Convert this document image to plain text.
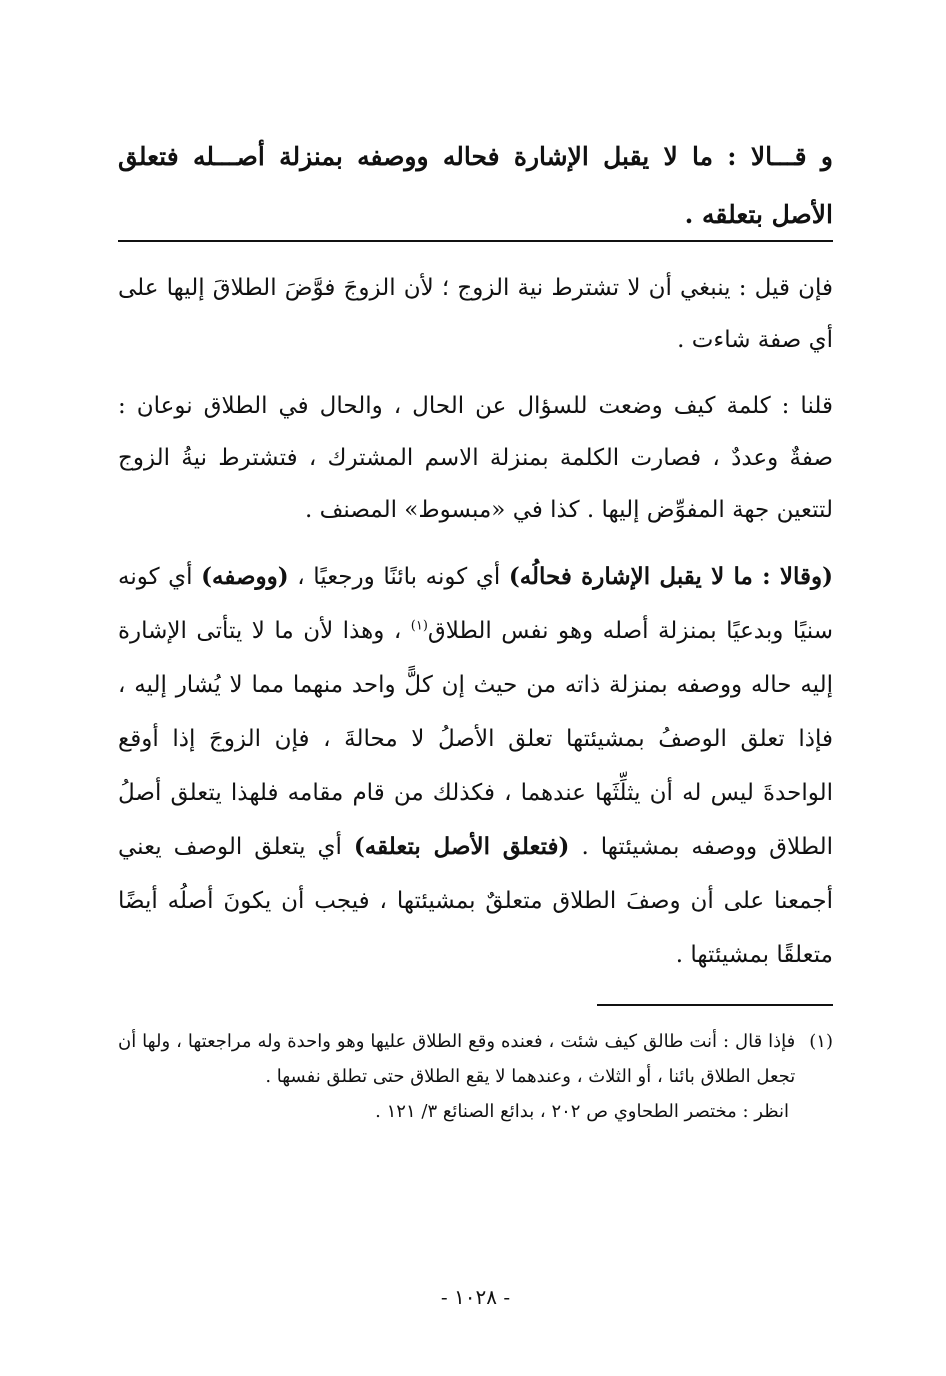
و قـــالا : ما لا يقبل الإشارة فحاله ووصفه بمنزلة أصـــله فتعلق الأصل بتعلقه .

فإن قيل : ينبغي أن لا تشترط نية الزوج ؛ لأن الزوجَ فوَّضَ الطلاقَ إليها على أي صفة شاءت .

قلنا : كلمة كيف وضعت للسؤال عن الحال ، والحال في الطلاق نوعان : صفةٌ وعددٌ ، فصارت الكلمة بمنزلة الاسم المشترك ، فتشترط نيةُ الزوج لتتعين جهة المفوِّض إليها . كذا في «مبسوط» المصنف .

(وقالا : ما لا يقبل الإشارة فحالُه) أي كونه بائنًا ورجعيًا ، (ووصفه) أي كونه سنيًا وبدعيًا بمنزلة أصله وهو نفس الطلاق$^{(١)}$ ، وهذا لأن ما لا يتأتى الإشارة إليه حاله ووصفه بمنزلة ذاته من حيث إن كلًّ واحد منهما مما لا يُشار إليه ، فإذا تعلق الوصفُ بمشيئتها تعلق الأصلُ لا محالةَ ، فإن الزوجَ إذا أوقع الواحدةَ ليس له أن يثلِّثَها عندهما ، فكذلك من قام مقامه فلهذا يتعلق أصلُ الطلاق ووصفه بمشيئتها . (فتعلق الأصل بتعلقه) أي يتعلق الوصف يعني أجمعنا على أن وصفَ الطلاق متعلقٌ بمشيئتها ، فيجب أن يكونَ أصلُه أيضًا متعلقًا بمشيئتها .

(١)
فإذا قال : أنت طالق كيف شئت ، فعنده وقع الطلاق عليها وهو واحدة وله مراجعتها ، ولها أن تجعل الطلاق بائنا ، أو الثلاث ، وعندهما لا يقع الطلاق حتى تطلق نفسها .
انظر : مختصر الطحاوي ص ٢٠٢ ، بدائع الصنائع ٣/ ١٢١ .
- ١٠٢٨ -
